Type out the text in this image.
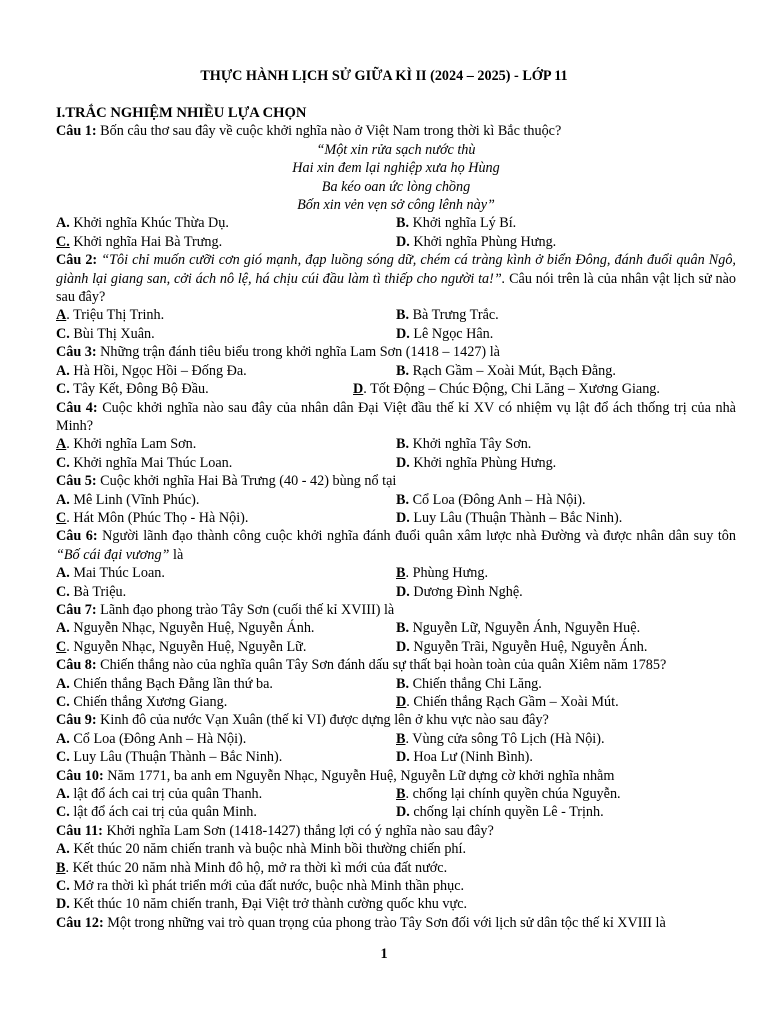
THỰC HÀNH LỊCH SỬ GIỮA KÌ II (2024 – 2025) - LỚP 11
I.TRẮC NGHIỆM NHIỀU LỰA CHỌN
Câu 1: Bốn câu thơ sau đây về cuộc khởi nghĩa nào ở Việt Nam trong thời kì Bắc thuộc?
“Một xin rửa sạch nước thù
Hai xin đem lại nghiệp xưa họ Hùng
Ba kéo oan ức lòng chồng
Bốn xin vẻn vẹn sở công lênh này”
A. Khởi nghĩa Khúc Thừa Dụ.	B. Khởi nghĩa Lý Bí.
C. Khởi nghĩa Hai Bà Trưng.	D. Khởi nghĩa Phùng Hưng.
Câu 2: “Tôi chỉ muốn cưỡi cơn gió mạnh, đạp luồng sóng dữ, chém cá tràng kình ở biển Đông, đánh đuổi quân Ngô, giành lại giang san, cởi ách nô lệ, há chịu cúi đầu làm tì thiếp cho người ta!”. Câu nói trên là của nhân vật lịch sử nào sau đây?
A. Triệu Thị Trinh.	B. Bà Trưng Trắc.
C. Bùi Thị Xuân.	D. Lê Ngọc Hân.
Câu 3: Những trận đánh tiêu biểu trong khởi nghĩa Lam Sơn (1418 – 1427) là
A. Hà Hồi, Ngọc Hồi – Đống Đa.	B. Rạch Gầm – Xoài Mút, Bạch Đằng.
C. Tây Kết, Đông Bộ Đầu.	D. Tốt Động – Chúc Động, Chi Lăng – Xương Giang.
Câu 4: Cuộc khởi nghĩa nào sau đây của nhân dân Đại Việt đầu thế kỉ XV có nhiệm vụ lật đổ ách thống trị của nhà Minh?
A. Khởi nghĩa Lam Sơn.	B. Khởi nghĩa Tây Sơn.
C. Khởi nghĩa Mai Thúc Loan.	D. Khởi nghĩa Phùng Hưng.
Câu 5: Cuộc khởi nghĩa Hai Bà Trưng (40 - 42) bùng nổ tại
A. Mê Linh (Vĩnh Phúc).	B. Cổ Loa (Đông Anh – Hà Nội).
C. Hát Môn (Phúc Thọ - Hà Nội).	D. Luy Lâu (Thuận Thành – Bắc Ninh).
Câu 6: Người lãnh đạo thành công cuộc khởi nghĩa đánh đuổi quân xâm lược nhà Đường và được nhân dân suy tôn “Bố cái đại vương” là
A. Mai Thúc Loan.	B. Phùng Hưng.
C. Bà Triệu.	D. Dương Đình Nghệ.
Câu 7: Lãnh đạo phong trào Tây Sơn (cuối thế kỉ XVIII) là
A. Nguyễn Nhạc, Nguyễn Huệ, Nguyễn Ánh.	B. Nguyễn Lữ, Nguyễn Ánh, Nguyễn Huệ.
C. Nguyễn Nhạc, Nguyễn Huệ, Nguyễn Lữ.	D. Nguyễn Trãi, Nguyễn Huệ, Nguyễn Ánh.
Câu 8: Chiến thắng nào của nghĩa quân Tây Sơn đánh dấu sự thất bại hoàn toàn của quân Xiêm năm 1785?
A. Chiến thắng Bạch Đằng lần thứ ba.	B. Chiến thắng Chi Lăng.
C. Chiến thắng Xương Giang.	D. Chiến thắng Rạch Gầm – Xoài Mút.
Câu 9: Kinh đô của nước Vạn Xuân (thế kỉ VI) được dựng lên ở khu vực nào sau đây?
A. Cổ Loa (Đông Anh – Hà Nội).	B. Vùng cửa sông Tô Lịch (Hà Nội).
C. Luy Lâu (Thuận Thành – Bắc Ninh).	D. Hoa Lư (Ninh Bình).
Câu 10: Năm 1771, ba anh em Nguyễn Nhạc, Nguyễn Huệ, Nguyễn Lữ dựng cờ khởi nghĩa nhằm
A. lật đổ ách cai trị của quân Thanh.	B. chống lại chính quyền chúa Nguyễn.
C. lật đổ ách cai trị của quân Minh.	D. chống lại chính quyền Lê - Trịnh.
Câu 11: Khởi nghĩa Lam Sơn (1418-1427) thắng lợi có ý nghĩa nào sau đây?
A. Kết thúc 20 năm chiến tranh và buộc nhà Minh bồi thường chiến phí.
B. Kết thúc 20 năm nhà Minh đô hộ, mở ra thời kì mới của đất nước.
C. Mở ra thời kì phát triển mới của đất nước, buộc nhà Minh thần phục.
D. Kết thúc 10 năm chiến tranh, Đại Việt trở thành cường quốc khu vực.
Câu 12: Một trong những vai trò quan trọng của phong trào Tây Sơn đối với lịch sử dân tộc thế kỉ XVIII là
1
